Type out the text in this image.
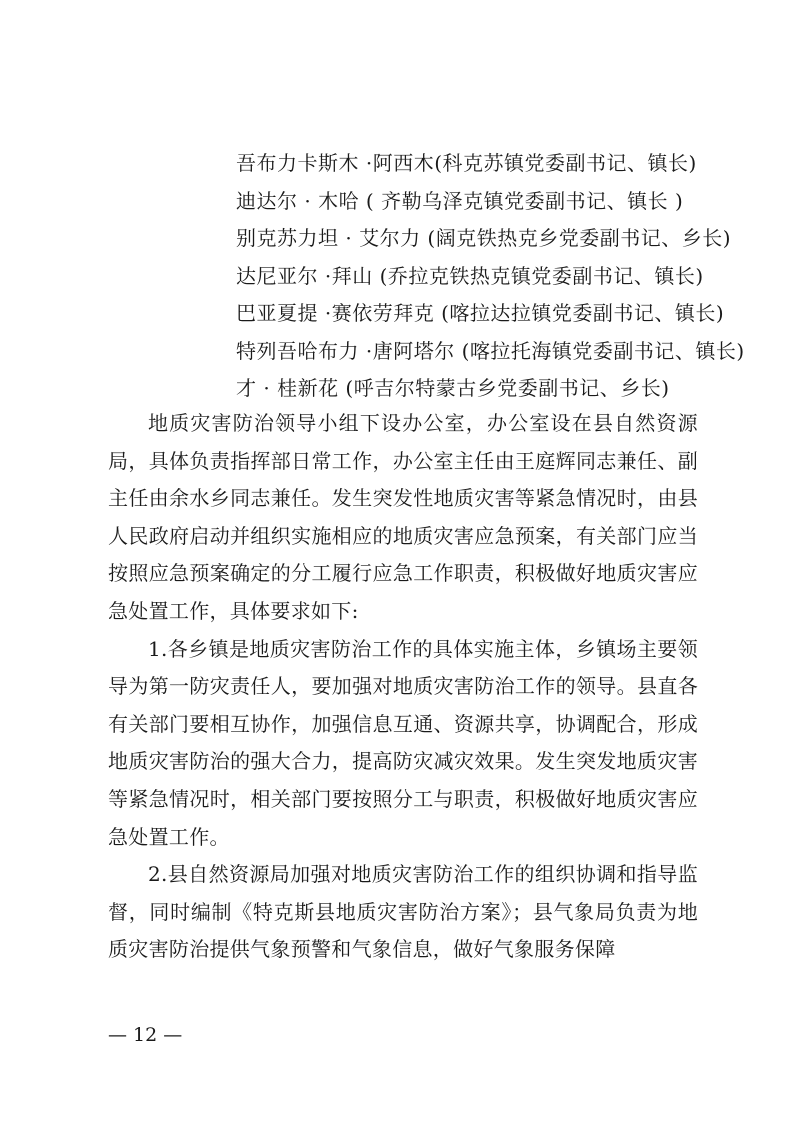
吾布力卡斯木 ·阿西木(科克苏镇党委副书记、镇长)
迪达尔 · 木哈 ( 齐勒乌泽克镇党委副书记、镇长 )
别克苏力坦 · 艾尔力 (阔克铁热克乡党委副书记、乡长)
达尼亚尔 ·拜山 (乔拉克铁热克镇党委副书记、镇长)
巴亚夏提 ·赛依劳拜克 (喀拉达拉镇党委副书记、镇长)
特列吾哈布力 ·唐阿塔尔 (喀拉托海镇党委副书记、镇长)
才 · 桂新花 (呼吉尔特蒙古乡党委副书记、乡长)

地质灾害防治领导小组下设办公室，办公室设在县自然资源局，具体负责指挥部日常工作，办公室主任由王庭辉同志兼任、副主任由余水乡同志兼任。发生突发性地质灾害等紧急情况时，由县人民政府启动并组织实施相应的地质灾害应急预案，有关部门应当按照应急预案确定的分工履行应急工作职责，积极做好地质灾害应急处置工作，具体要求如下:

1.各乡镇是地质灾害防治工作的具体实施主体，乡镇场主要领导为第一防灾责任人，要加强对地质灾害防治工作的领导。县直各有关部门要相互协作，加强信息互通、资源共享，协调配合，形成地质灾害防治的强大合力，提高防灾减灾效果。发生突发地质灾害等紧急情况时，相关部门要按照分工与职责，积极做好地质灾害应急处置工作。

2.县自然资源局加强对地质灾害防治工作的组织协调和指导监督，同时编制《特克斯县地质灾害防治方案》；县气象局负责为地质灾害防治提供气象预警和气象信息，做好气象服务保障

— 12 —
